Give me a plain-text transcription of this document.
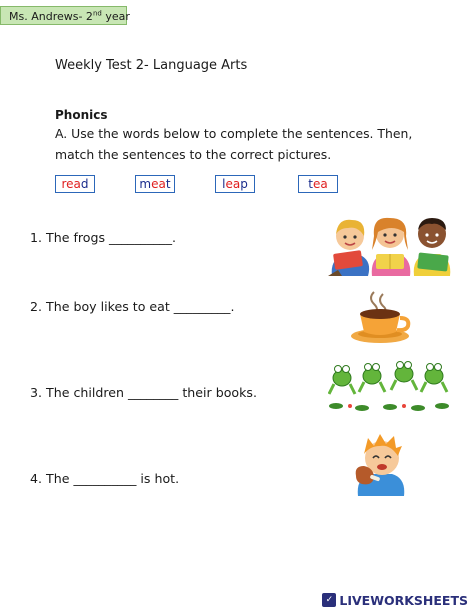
Ms. Andrews- 2nd year
Weekly Test 2- Language Arts
Phonics
A. Use the words below to complete the sentences. Then,
match the sentences to the correct pictures.
read	meat	leap	tea
1. The frogs __________.
2. The boy likes to eat _________.
3. The children ________ their books.
4. The __________ is hot.
✓ LIVEWORKSHEETS
